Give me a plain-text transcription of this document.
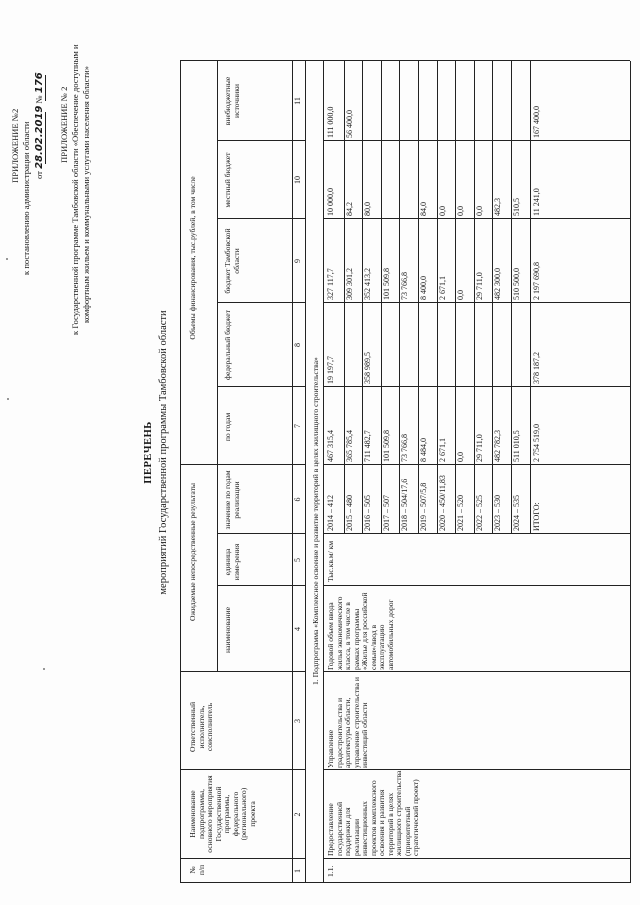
ПРИЛОЖЕНИЕ №2 к постановлению администрации области от 28.02.2019 № 176
ПРИЛОЖЕНИЕ № 2 к Государственной программе Тамбовской области «Обеспечение доступным и комфортным жильем и коммунальными услугами населения области»
ПЕРЕЧЕНЬ мероприятий Государственной программы Тамбовской области
№
п/п
Наименование подпрограммы, основного мероприятия Государственной программы, федерального (регионального) проекта
Ответственный исполнитель, соисполнитель
Ожидаемые непосредственные результаты
наименование
единица изме-рения
значение по годам реализации
Объемы финансирования, тыс.рублей, в том числе
по годам
федеральный бюджет
бюджет Тамбовской области
местный бюджет
внебюджетные источники
1
2
3
4
5
6
7
8
9
10
11
1. Подпрограмма «Комплексное освоение и развитие территорий в целях жилищного строительства»
1.1.
Предоставление государственной поддержки для реализации инвестиционных проектов комплексного освоения и развития территорий в целях жилищного строительства (приоритетный стратегический проект)
Управление градостроительства и архитектуры области, управление строительства и инвестиций области
Годовой объем ввода жилья экономического класса, в том числе в рамках программы «Жилье для российской семьи»/ввод в эксплуатацию автомобильных дорог
Тыс.кв.м/ км
2014 – 412
467 315,4
19 197,7
327 117,7
10 000,0
111 000,0
2015 – 480
365 785,4
309 301,2
84,2
56 400,0
2016 – 505
711 482,7
358 989,5
352 413,2
80,0
2017 – 507
101 509,8
101 509,8
2018 – 504/17,6
73 766,8
73 766,8
2019 – 507/5,8
8 484,0
8 400,0
84,0
2020 – 450/11,83
2 671,1
2 671,1
0,0
2021 – 520
0,0
0,0
0,0
2022 – 525
29 711,0
29 711,0
0,0
2023 – 530
482 782,3
482 300,0
482,3
2024 – 535
511 010,5
510 500,0
510,5
ИТОГО:
2 754 519,0
378 187,2
2 197 690,8
11 241,0
167 400,0
